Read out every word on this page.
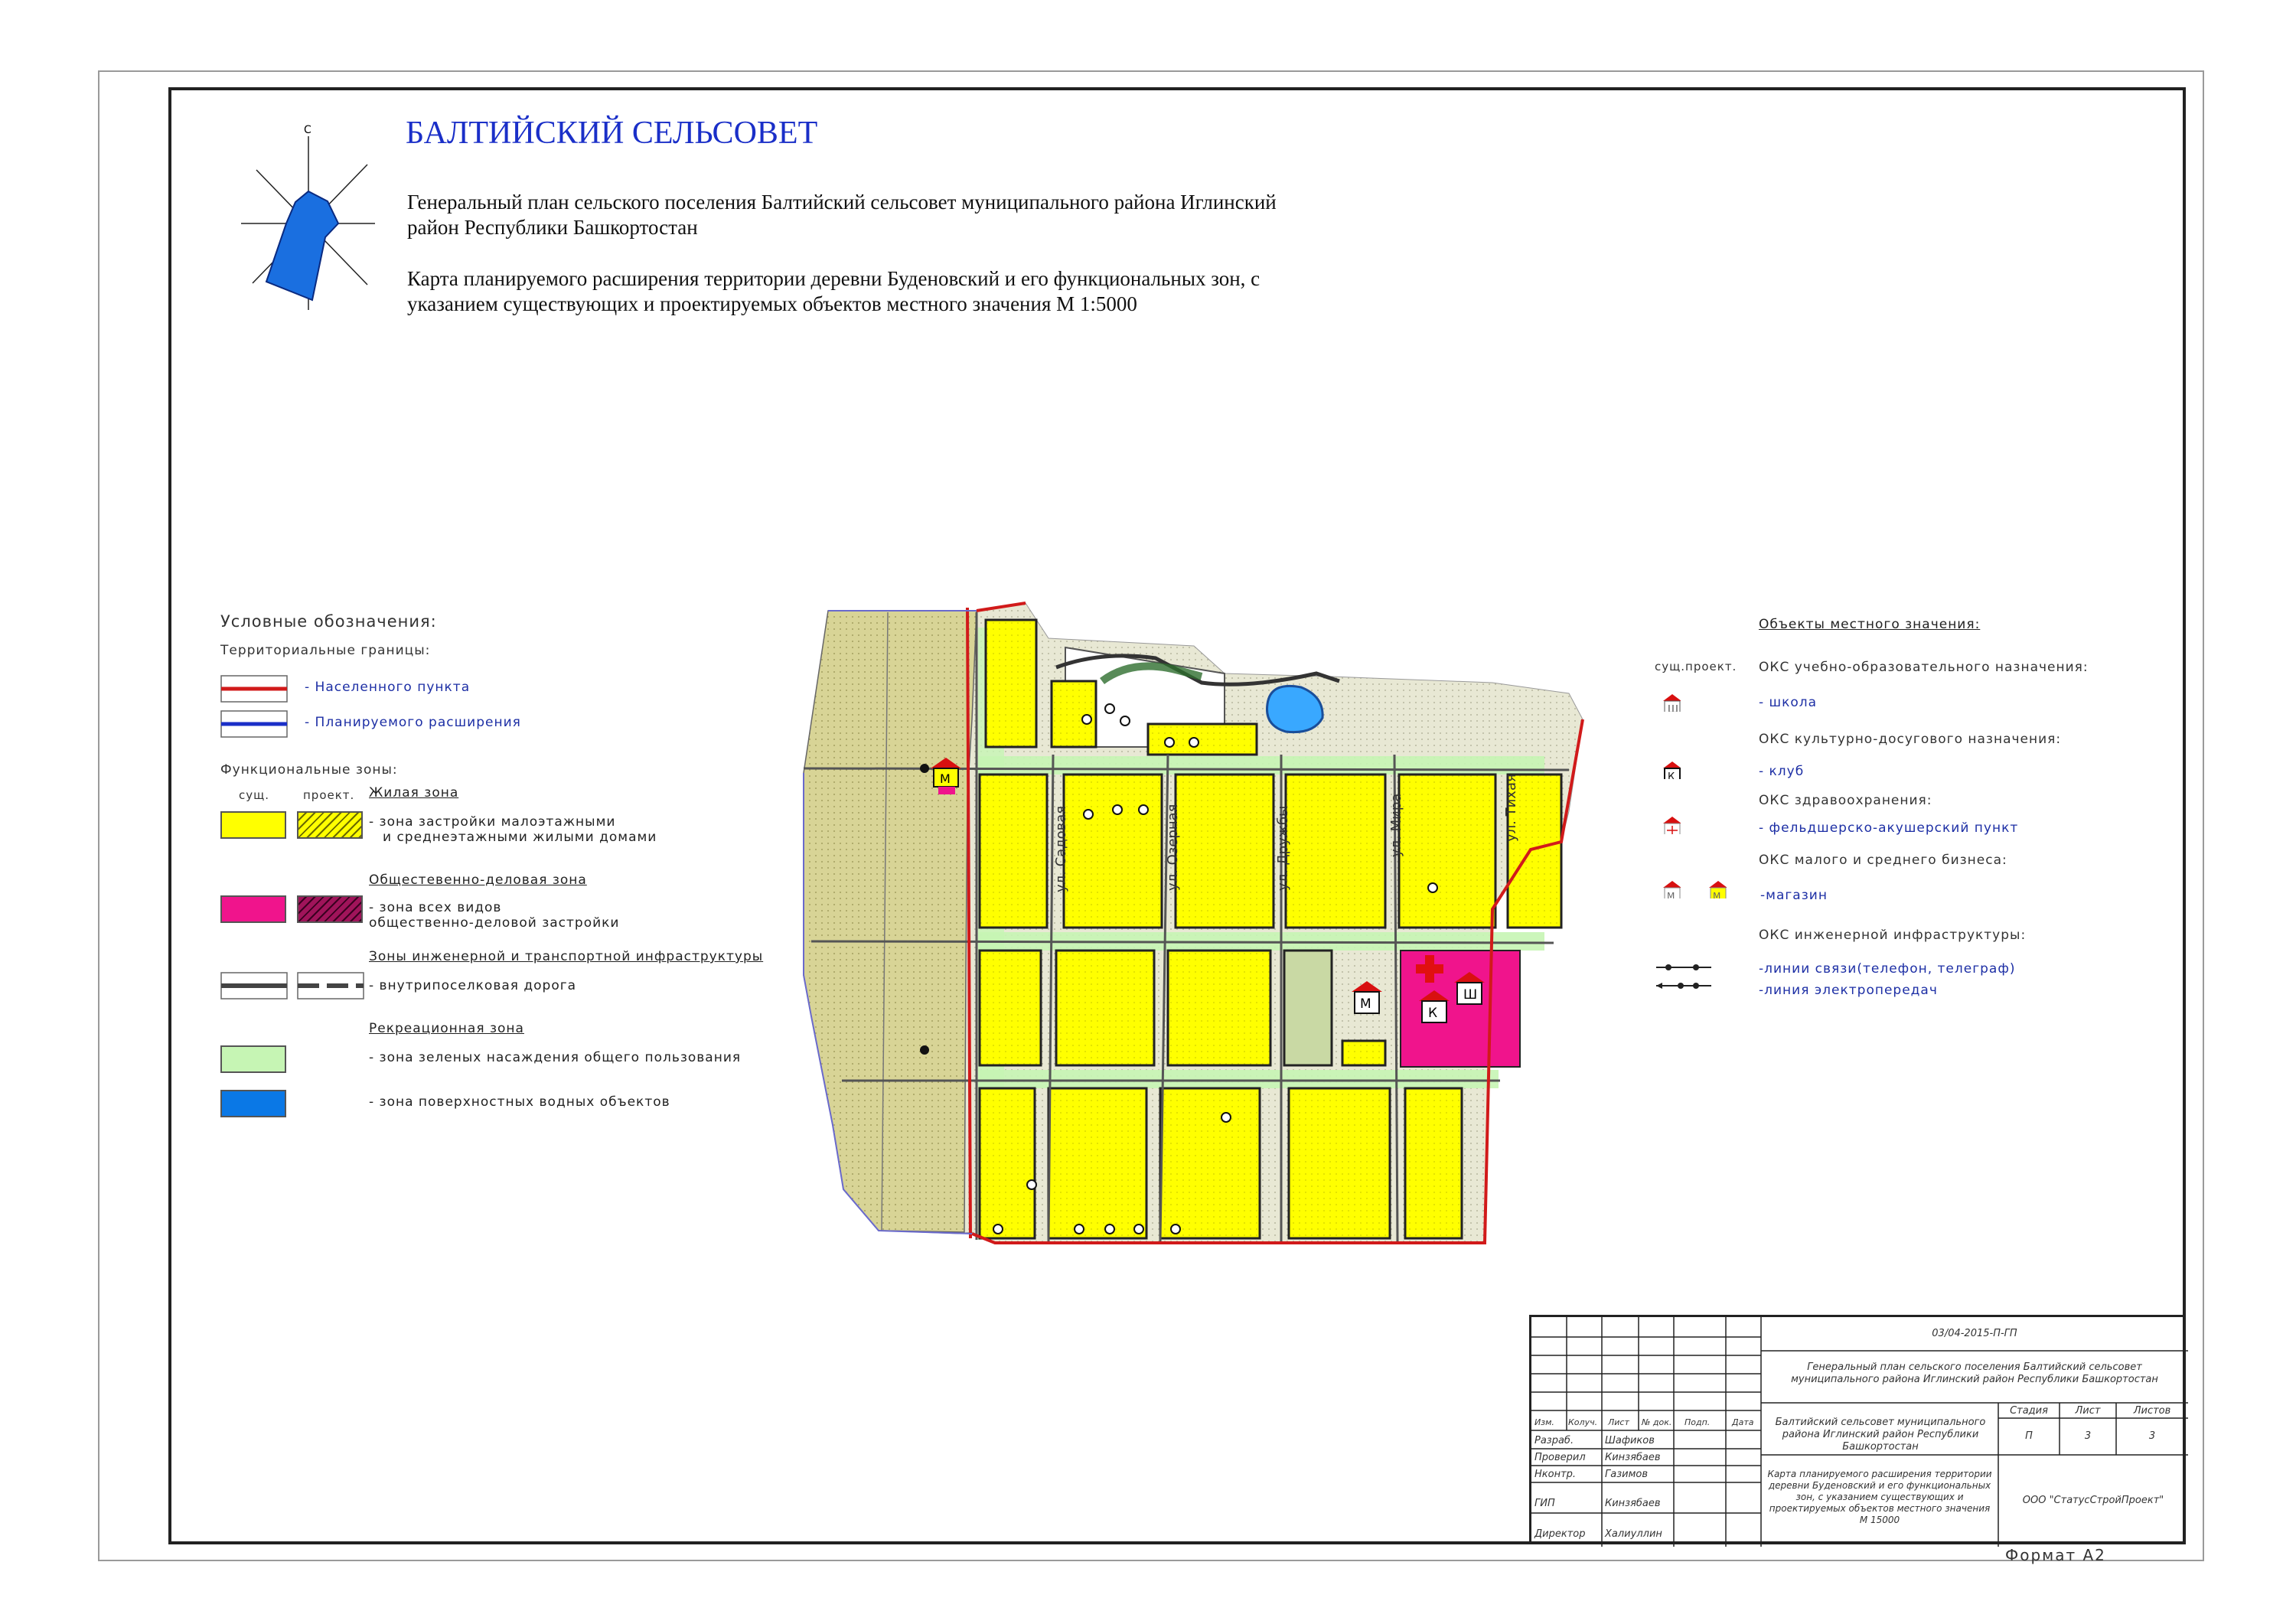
С	БАЛТИЙСКИЙ СЕЛЬСОВЕТ
Генеральный план сельского поселения Балтийский сельсовет муниципального района Иглинский район Республики Башкортостан
Карта планируемого расширения территории деревни Буденовский и его функциональных зон, с указанием существующих и проектируемых объектов местного значения М 1:5000
Условные обозначения:
Территориальные границы:
- Населенного пункта
- Планируемого расширения
Функциональные зоны:
сущ.	проект. Жилая зона
- зона застройки малоэтажными
и среднеэтажными жилыми домами
Общестевенно-деловая зона
- зона всех видов
общественно-деловой застройки
Зоны инженерной и транспортной инфраструктуры
- внутрипоселковая дорога
Рекреационная зона
- зона зеленых насаждения общего пользования
- зона поверхностных водных объектов
Объекты местного значения:
сущ.проект. ОКС учебно-образовательного назначения:
Ш	- школа
ОКС культурно-досугового назначения:
К	- клуб
ОКС здравоохранения:
- фельдшерско-акушерский пункт
ОКС малого и среднего бизнеса:
М	М	-магазин
ОКС инженерной инфраструктуры:
-линии связи(телефон, телеграф)
-линия электропередач
ул. Садовая	ул. Озерная	ул. Дружбы	ул. Мира	ул. Тихая
Ш
К
М
М
03/04-2015-П-ГП
Генеральный план сельского поселения Балтийский сельсовет муниципального района Иглинский район Республики Башкортостан
Изм. Колуч. Лист № док. Подп.	Дата
Разраб.	Шафиков
Проверил Кинзябаев
Нконтр.	Газимов
ГИП	Кинзябаев
Директор Халиуллин
Балтийский сельсовет муниципального района Иглинский район Республики Башкортостан
Стадия	Лист	Листов
П	3	3
Карта планируемого расширения территории деревни Буденовский и его функциональных зон, с указанием существующих и проектируемых объектов местного значения М 15000
ООО "СтатусСтройПроект"
Формат А2
